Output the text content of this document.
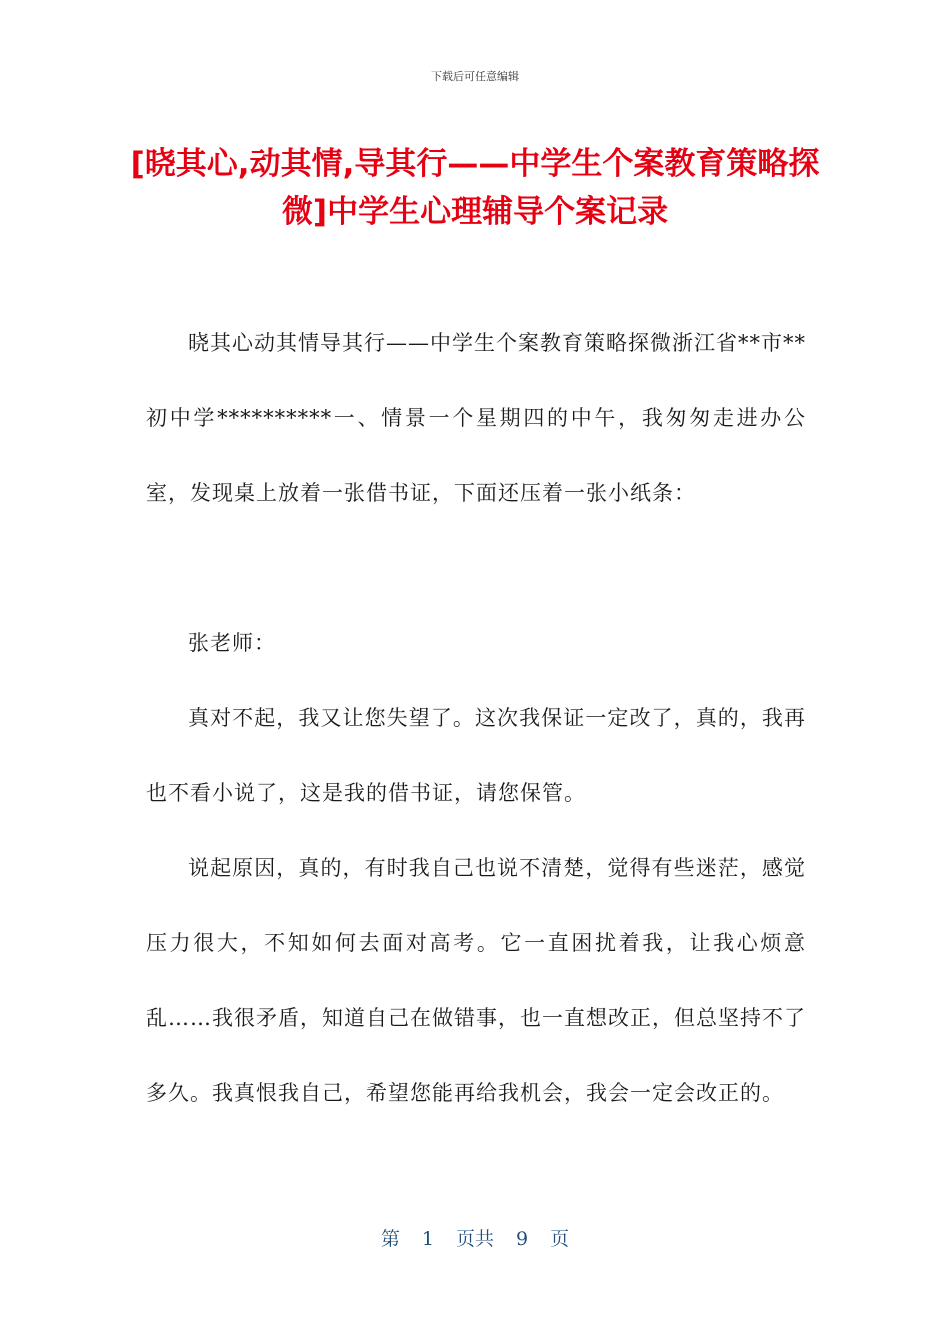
下载后可任意编辑
[晓其心,动其情,导其行——中学生个案教育策略探微]中学生心理辅导个案记录

晓其心动其情导其行——中学生个案教育策略探微浙江省**市**初中学**********一、情景一个星期四的中午，我匆匆走进办公室，发现桌上放着一张借书证，下面还压着一张小纸条：

张老师：

真对不起，我又让您失望了。这次我保证一定改了，真的，我再也不看小说了，这是我的借书证，请您保管。

说起原因，真的，有时我自己也说不清楚，觉得有些迷茫，感觉压力很大，不知如何去面对高考。它一直困扰着我，让我心烦意乱……我很矛盾，知道自己在做错事，也一直想改正，但总坚持不了多久。我真恨我自己，希望您能再给我机会，我会一定会改正的。

第 1 页共 9 页
